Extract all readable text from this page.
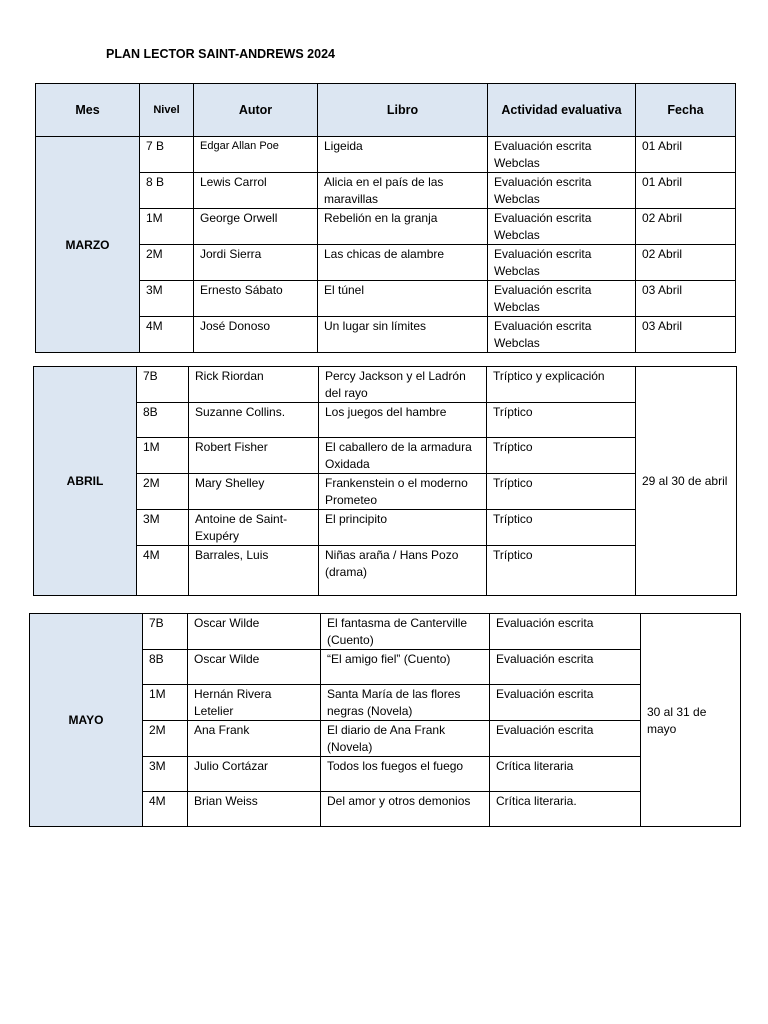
PLAN LECTOR SAINT-ANDREWS 2024
Mes	Nivel	Autor	Libro	Actividad evaluativa	Fecha
MARZO	7 B	Edgar Allan Poe	Ligeida	Evaluación escrita Webclas	01 Abril
	8 B	Lewis Carrol	Alicia en el país de las maravillas	Evaluación escrita Webclas	01 Abril
	1M	George Orwell	Rebelión en la granja	Evaluación escrita Webclas	02 Abril
	2M	Jordi Sierra	Las chicas de alambre	Evaluación escrita Webclas	02 Abril
	3M	Ernesto Sábato	El túnel	Evaluación escrita Webclas	03 Abril
	4M	José Donoso	Un lugar sin límites	Evaluación escrita Webclas	03 Abril
ABRIL	7B	Rick Riordan	Percy Jackson y el Ladrón del rayo	Tríptico y explicación	29 al 30 de abril
	8B	Suzanne Collins.	Los juegos del hambre	Tríptico	
	1M	Robert Fisher	El caballero de la armadura Oxidada	Tríptico	
	2M	Mary Shelley	Frankenstein o el moderno Prometeo	Tríptico	
	3M	Antoine de Saint-Exupéry	El principito	Tríptico	
	4M	Barrales, Luis	Niñas araña / Hans Pozo (drama)	Tríptico	
MAYO	7B	Oscar Wilde	El fantasma de Canterville (Cuento)	Evaluación escrita	30 al 31 de mayo
	8B	Oscar Wilde	“El amigo fiel” (Cuento)	Evaluación escrita	
	1M	Hernán Rivera Letelier	Santa María de las flores negras (Novela)	Evaluación escrita	
	2M	Ana Frank	El diario de Ana Frank (Novela)	Evaluación escrita	
	3M	Julio Cortázar	Todos los fuegos el fuego	Crítica literaria	
	4M	Brian Weiss	Del amor y otros demonios	Crítica literaria.	
